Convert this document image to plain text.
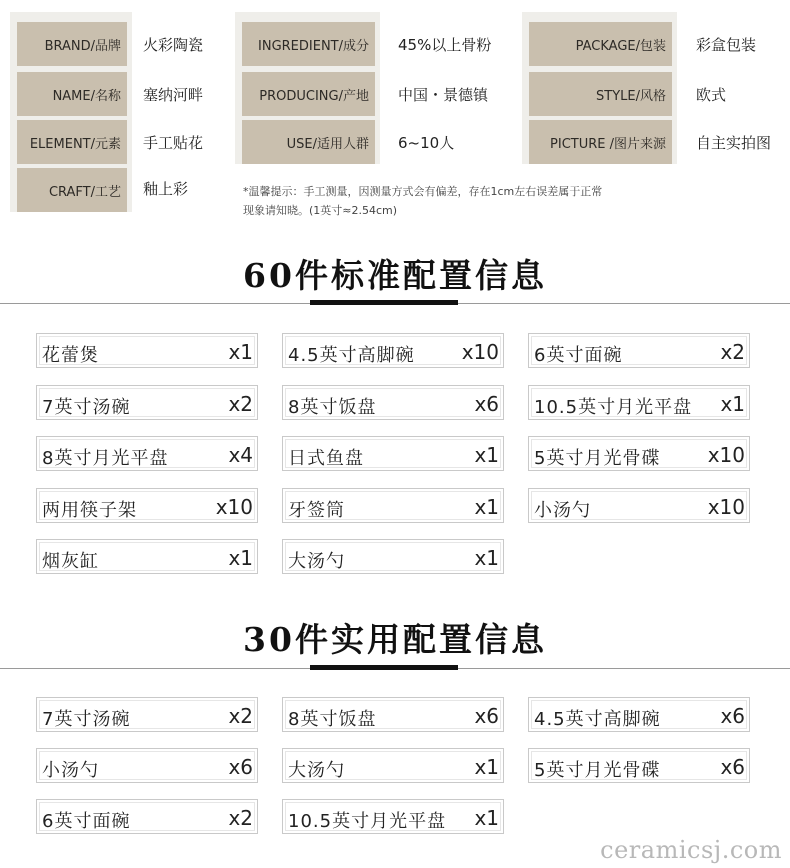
BRAND/品牌	火彩陶瓷
NAME/名称	塞纳河畔
ELEMENT/元素	手工贴花
CRAFT/工艺	釉上彩
INGREDIENT/成分	45%以上骨粉
PRODUCING/产地	中国・景德镇
USE/适用人群	6~10人
PACKAGE/包装	彩盒包装
STYLE/风格	欧式
PICTURE /图片来源	自主实拍图
*温馨提示：手工测量，因测量方式会有偏差，存在1cm左右误差属于正常
现象请知晓。(1英寸≈2.54cm)
60件标准配置信息
花蕾煲	x1 4.5英寸高脚碗 x10 6英寸面碗	x2
7英寸汤碗	x2 8英寸饭盘	x6 10.5英寸月光平盘 x1
8英寸月光平盘	x4 日式鱼盘	x1 5英寸月光骨碟 x10
两用筷子架	x10 牙签筒	x1 小汤勺	x10
烟灰缸	x1 大汤勺	x1
30件实用配置信息
7英寸汤碗	x2 8英寸饭盘	x6 4.5英寸高脚碗	x6
小汤勺	x6 大汤勺	x1 5英寸月光骨碟	x6
6英寸面碗	x2 10.5英寸月光平盘 x1
ceramicsj.com
